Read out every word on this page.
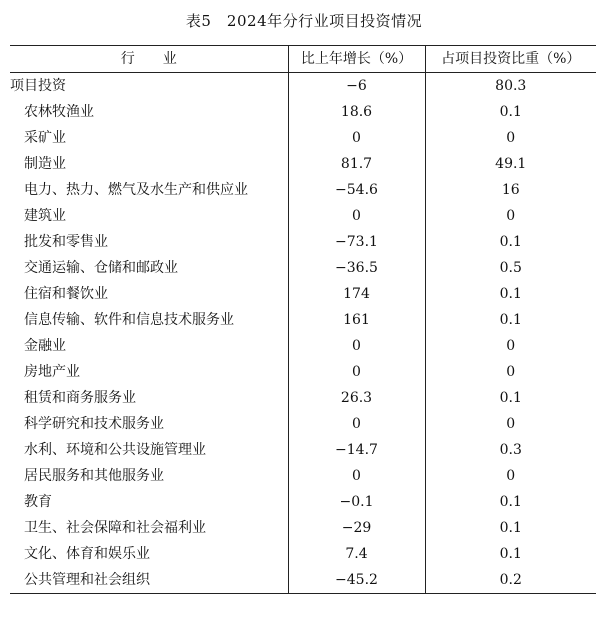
表5　2024年分行业项目投资情况
行　　业	比上年增长（%）	占项目投资比重（%）
项目投资	−6	80.3
农林牧渔业	18.6	0.1
采矿业	0	0
制造业	81.7	49.1
电力、热力、燃气及水生产和供应业	−54.6	16
建筑业	0	0
批发和零售业	−73.1	0.1
交通运输、仓储和邮政业	−36.5	0.5
住宿和餐饮业	174	0.1
信息传输、软件和信息技术服务业	161	0.1
金融业	0	0
房地产业	0	0
租赁和商务服务业	26.3	0.1
科学研究和技术服务业	0	0
水利、环境和公共设施管理业	−14.7	0.3
居民服务和其他服务业	0	0
教育	−0.1	0.1
卫生、社会保障和社会福利业	−29	0.1
文化、体育和娱乐业	7.4	0.1
公共管理和社会组织	−45.2	0.2
